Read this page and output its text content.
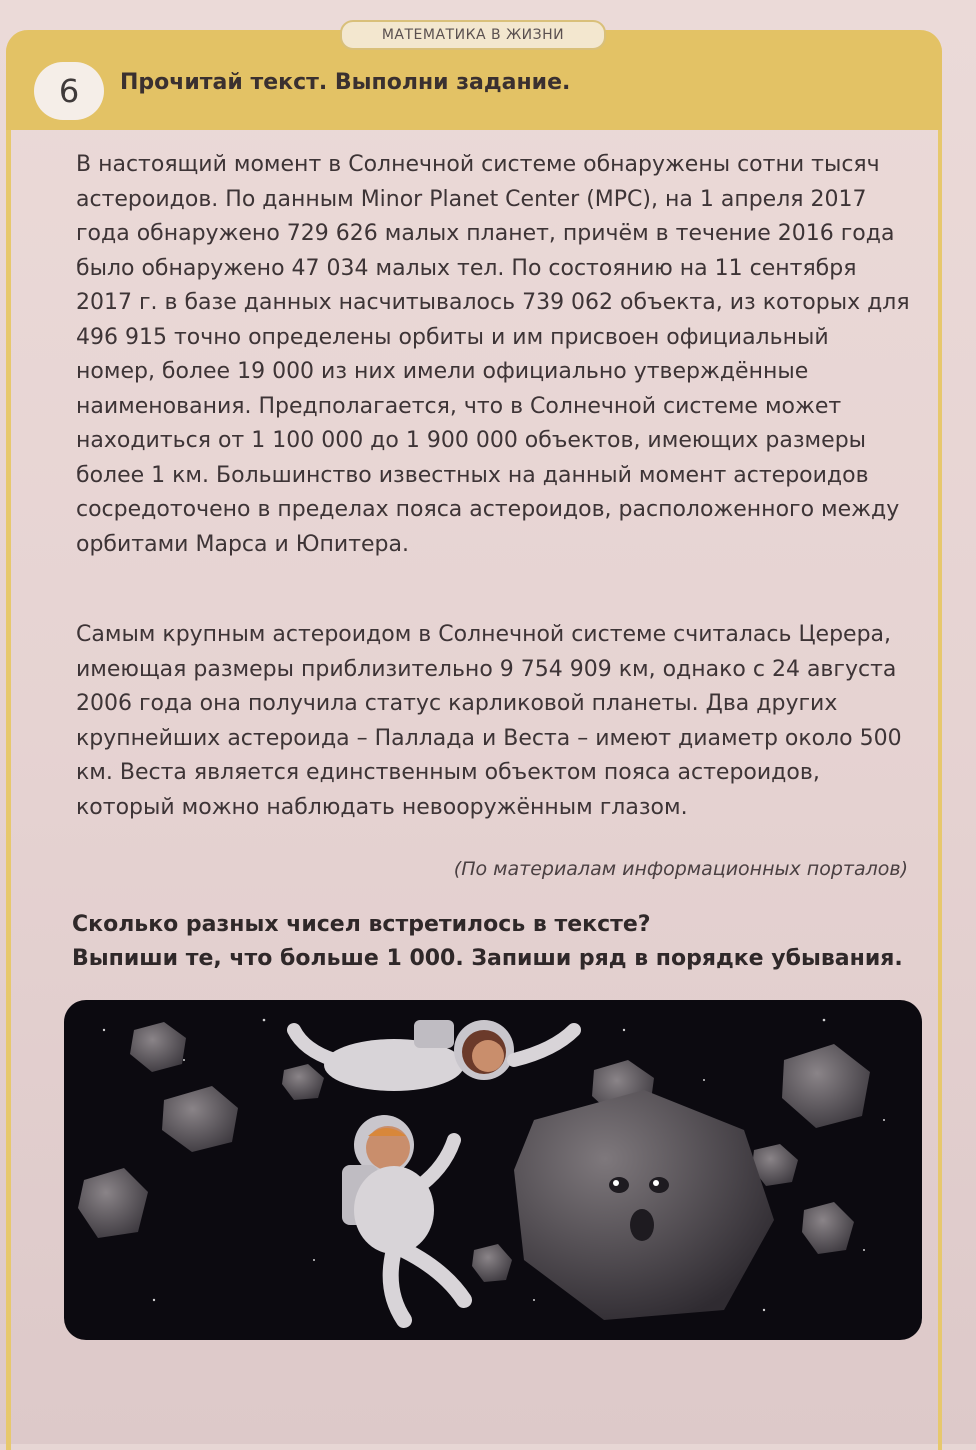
МАТЕМАТИКА В ЖИЗНИ
6	Прочитай текст. Выполни задание.

В настоящий момент в Солнечной системе обнаружены сотни тысяч астероидов. По данным Minor Planet Center (MPC), на 1 апреля 2017 года обнаружено 729 626 малых планет, причём в течение 2016 года было обнаружено 47 034 малых тел. По состоянию на 11 сентября 2017 г. в базе данных насчитывалось 739 062 объекта, из которых для 496 915 точно определены орбиты и им присвоен официальный номер, более 19 000 из них имели официально утверждённые наименования. Предполагается, что в Солнечной системе может находиться от 1 100 000 до 1 900 000 объектов, имеющих размеры более 1 км. Большинство известных на данный момент астероидов сосредоточено в пределах пояса астероидов, расположенного между орбитами Марса и Юпитера.

Самым крупным астероидом в Солнечной системе считалась Церера, имеющая размеры приблизительно 9 754 909 км, однако с 24 августа 2006 года она получила статус карликовой планеты. Два других крупнейших астероида – Паллада и Веста – имеют диаметр около 500 км. Веста является единственным объектом пояса астероидов, который можно наблюдать невооружённым глазом.

(По материалам информационных порталов)
Сколько разных чисел встретилось в тексте?
Выпиши те, что больше 1 000. Запиши ряд в порядке убывания.
